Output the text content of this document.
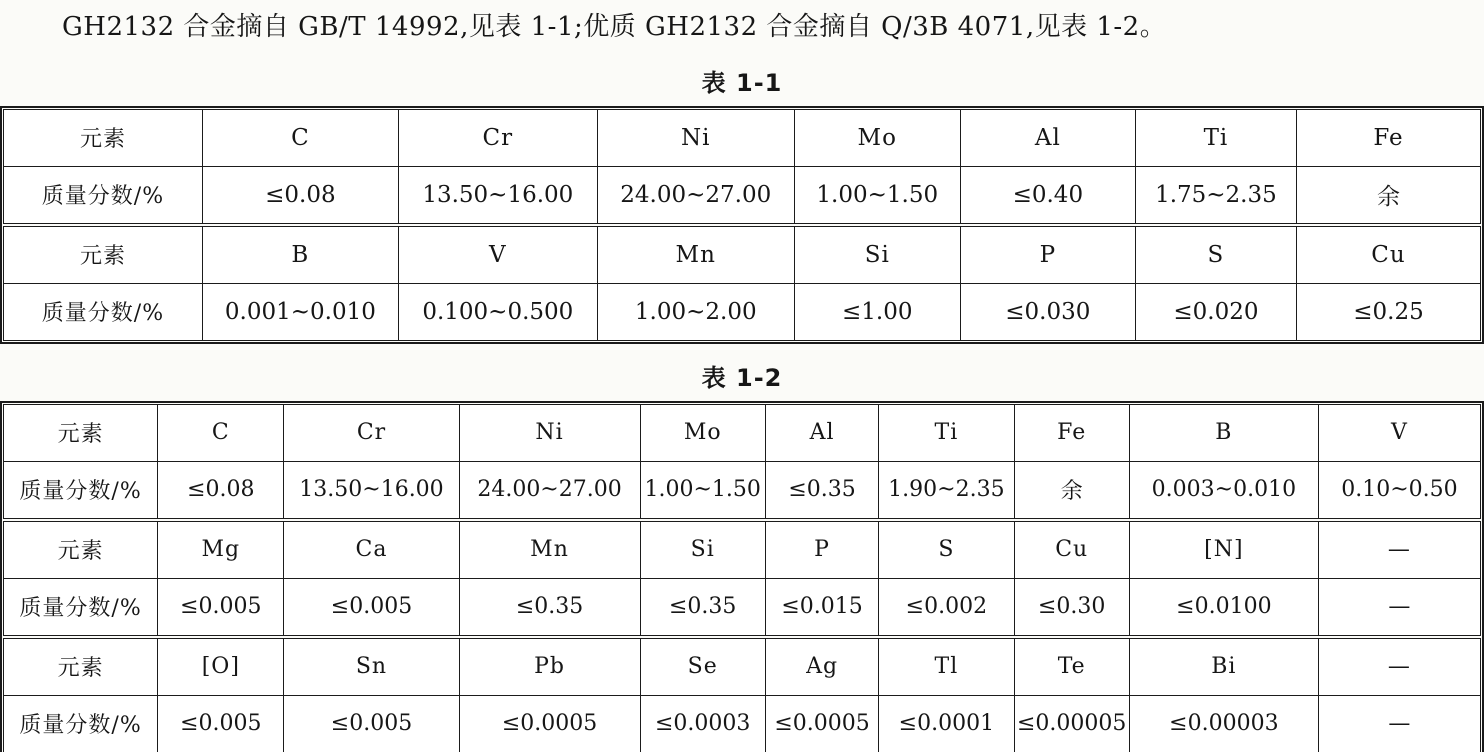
GH2132 合金摘自 GB/T 14992,见表 1-1;优质 GH2132 合金摘自 Q/3B 4071,见表 1-2。

表 1-1
元素	C	Cr	Ni	Mo	Al	Ti	Fe
质量分数/%	≤0.08	13.50~16.00	24.00~27.00	1.00~1.50	≤0.40	1.75~2.35	余
元素	B	V	Mn	Si	P	S	Cu
质量分数/%	0.001~0.010	0.100~0.500	1.00~2.00	≤1.00	≤0.030	≤0.020	≤0.25
表 1-2
元素	C	Cr	Ni	Mo	Al	Ti	Fe	B	V
质量分数/%	≤0.08	13.50~16.00	24.00~27.00	1.00~1.50	≤0.35	1.90~2.35	余	0.003~0.010	0.10~0.50
元素	Mg	Ca	Mn	Si	P	S	Cu	[N]	—
质量分数/%	≤0.005	≤0.005	≤0.35	≤0.35	≤0.015	≤0.002	≤0.30	≤0.0100	—
元素	[O]	Sn	Pb	Se	Ag	Tl	Te	Bi	—
质量分数/%	≤0.005	≤0.005	≤0.0005	≤0.0003	≤0.0005	≤0.0001	≤0.00005	≤0.00003	—
